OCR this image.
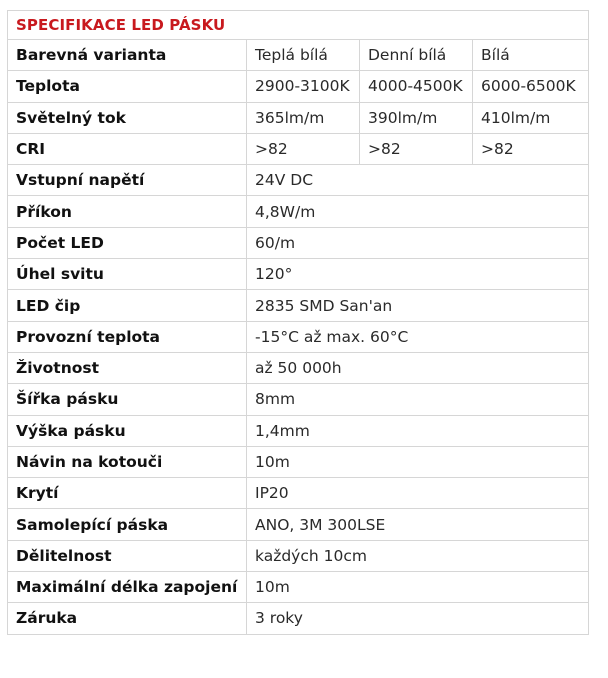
SPECIFIKACE LED PÁSKU			
Barevná varianta	Teplá bílá	Denní bílá	Bílá
Teplota	2900-3100K	4000-4500K	6000-6500K
Světelný tok	365lm/m	390lm/m	410lm/m
CRI	>82	>82	>82
Vstupní napětí	24V DC		
Příkon	4,8W/m		
Počet LED	60/m		
Úhel svitu	120°		
LED čip	2835 SMD San'an		
Provozní teplota	-15°C až max. 60°C		
Životnost	až 50 000h		
Šířka pásku	8mm		
Výška pásku	1,4mm		
Návin na kotouči	10m		
Krytí	IP20		
Samolepící páska	ANO, 3M 300LSE		
Dělitelnost	každých 10cm		
Maximální délka zapojení	10m		
Záruka	3 roky		
